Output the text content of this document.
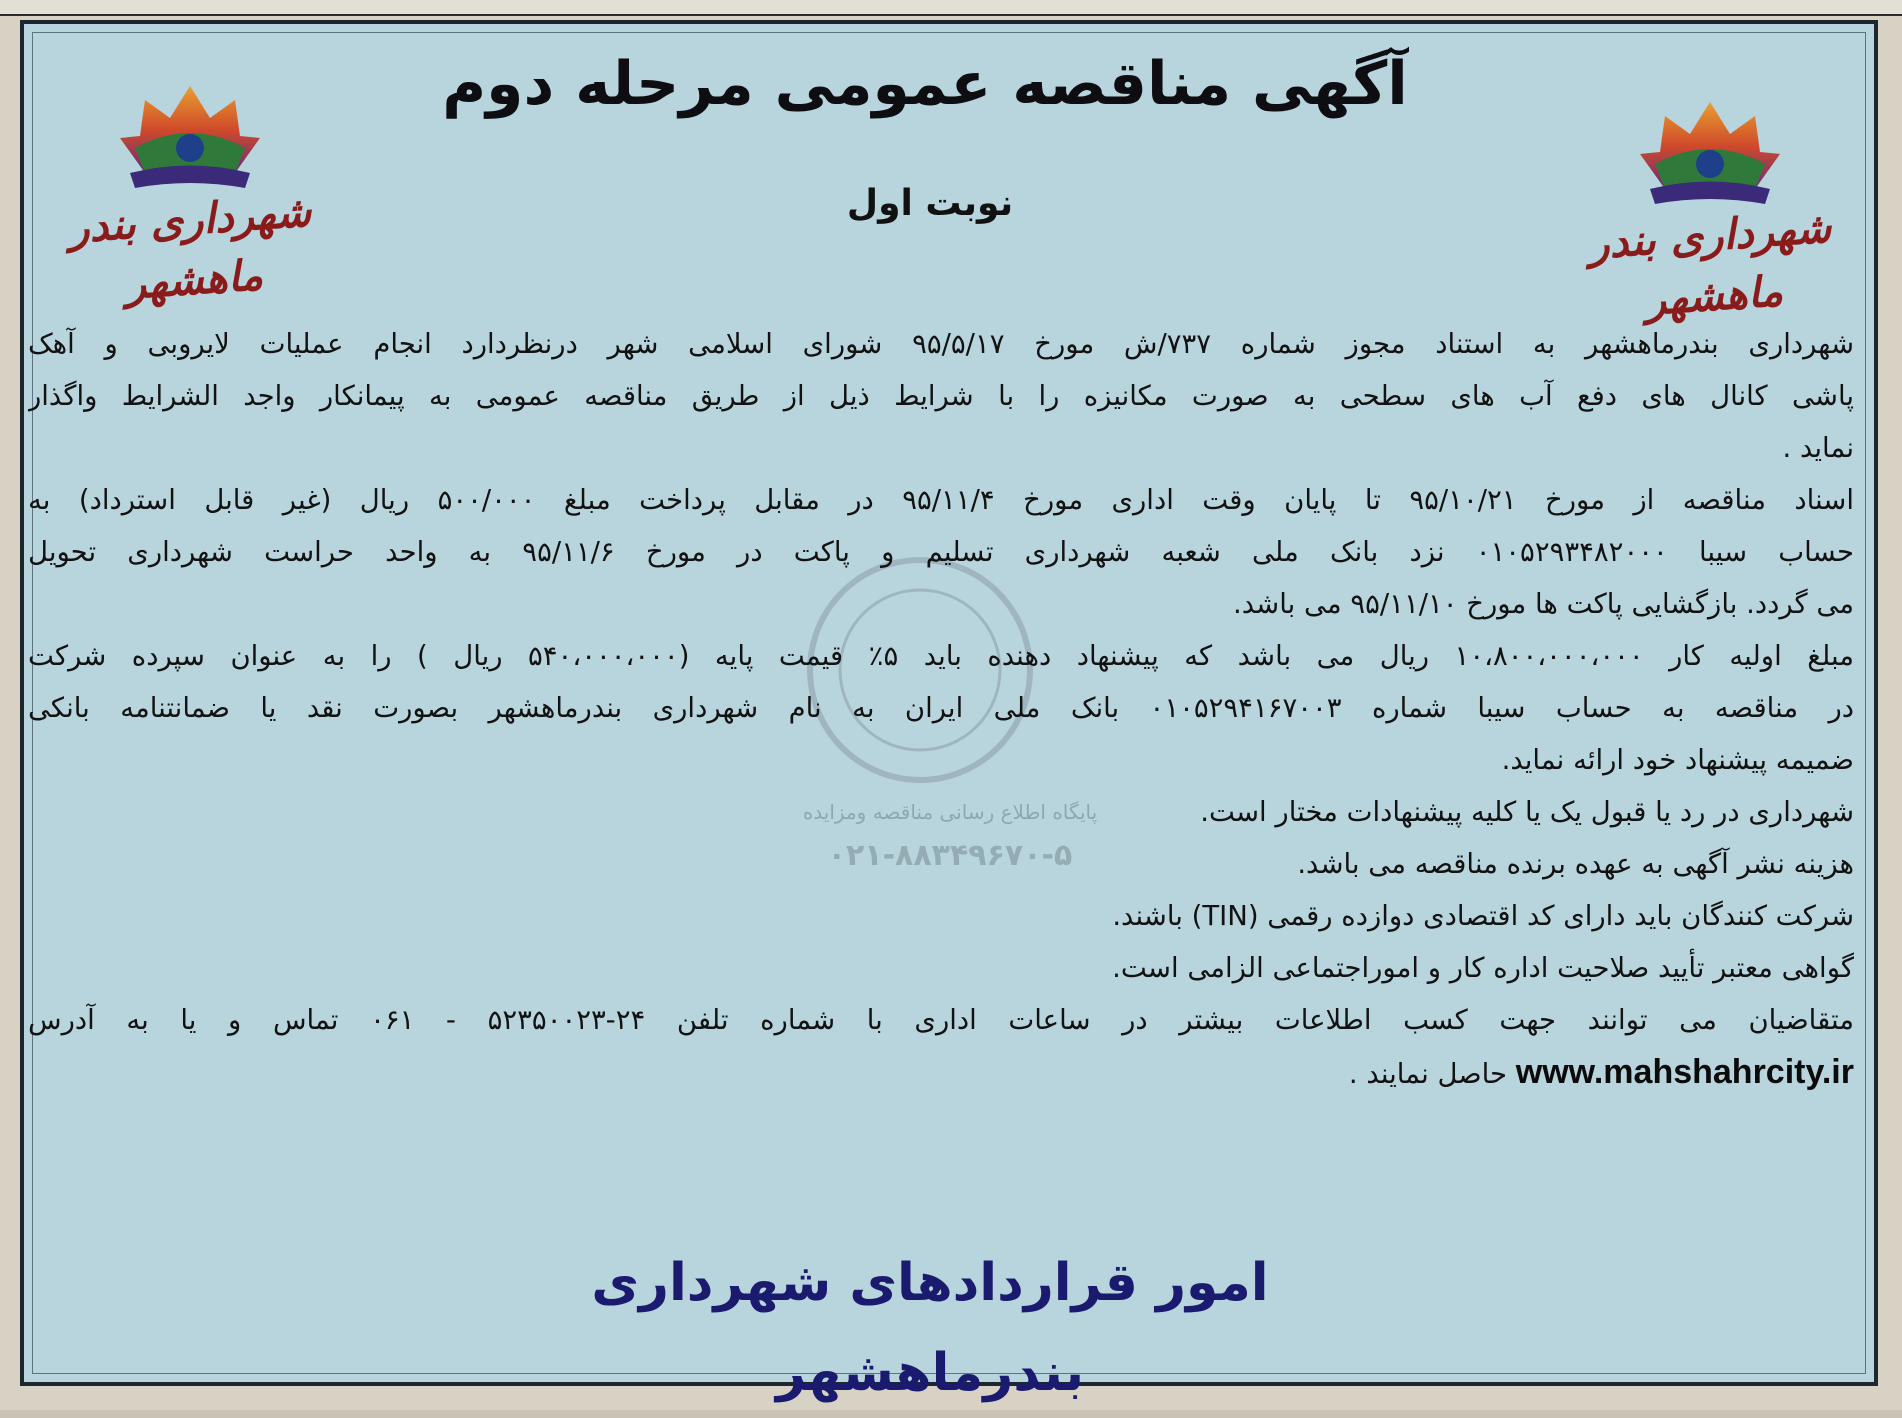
پایگاه اطلاع رسانی مناقصه ومزایده
۰۲۱-۸۸۳۴۹۶۷۰-۵
شهرداری بندر ماهشهر
شهرداری بندر ماهشهر
آگهی مناقصه عمومی مرحله دوم
نوبت اول
شهرداری بندرماهشهر به استناد مجوز شماره ۷۳۷/ش مورخ ۹۵/۵/۱۷ شورای اسلامی شهر درنظردارد انجام عملیات لایروبی و آهک
پاشی کانال های دفع آب های سطحی به صورت مکانیزه را با شرایط ذیل از طریق مناقصه عمومی به پیمانکار واجد الشرایط واگذار
نماید .
اسناد مناقصه از مورخ ۹۵/۱۰/۲۱ تا پایان وقت اداری مورخ ۹۵/۱۱/۴ در مقابل پرداخت مبلغ ۵۰۰/۰۰۰ ریال (غیر قابل استرداد) به
حساب سیبا ۰۱۰۵۲۹۳۴۸۲۰۰۰ نزد بانک ملی شعبه شهرداری تسلیم و پاکت در مورخ ۹۵/۱۱/۶ به واحد حراست شهرداری تحویل
می گردد. بازگشایی پاکت ها مورخ ۹۵/۱۱/۱۰ می باشد.
مبلغ اولیه کار ۱۰،۸۰۰،۰۰۰،۰۰۰ ریال می باشد که پیشنهاد دهنده باید ۵٪ قیمت پایه (۵۴۰،۰۰۰،۰۰۰ ریال ) را به عنوان سپرده شرکت
در مناقصه به حساب سیبا شماره ۰۱۰۵۲۹۴۱۶۷۰۰۳ بانک ملی ایران به نام شهرداری بندرماهشهر بصورت نقد یا ضمانتنامه بانکی
ضمیمه پیشنهاد خود ارائه نماید.
شهرداری در رد یا قبول یک یا کلیه پیشنهادات مختار است.
هزینه نشر آگهی به عهده برنده مناقصه می باشد.
شرکت کنندگان باید دارای کد اقتصادی دوازده رقمی (TIN) باشند.
گواهی معتبر تأیید صلاحیت اداره کار و اموراجتماعی الزامی است.
متقاضیان می توانند جهت کسب اطلاعات بیشتر در ساعات اداری با شماره تلفن ۲۴-۵۲۳۵۰۰۲۳ - ۰۶۱ تماس و یا به آدرس
www.mahshahrcity.ir حاصل نمایند .
امور قراردادهای شهرداری بندرماهشهر
